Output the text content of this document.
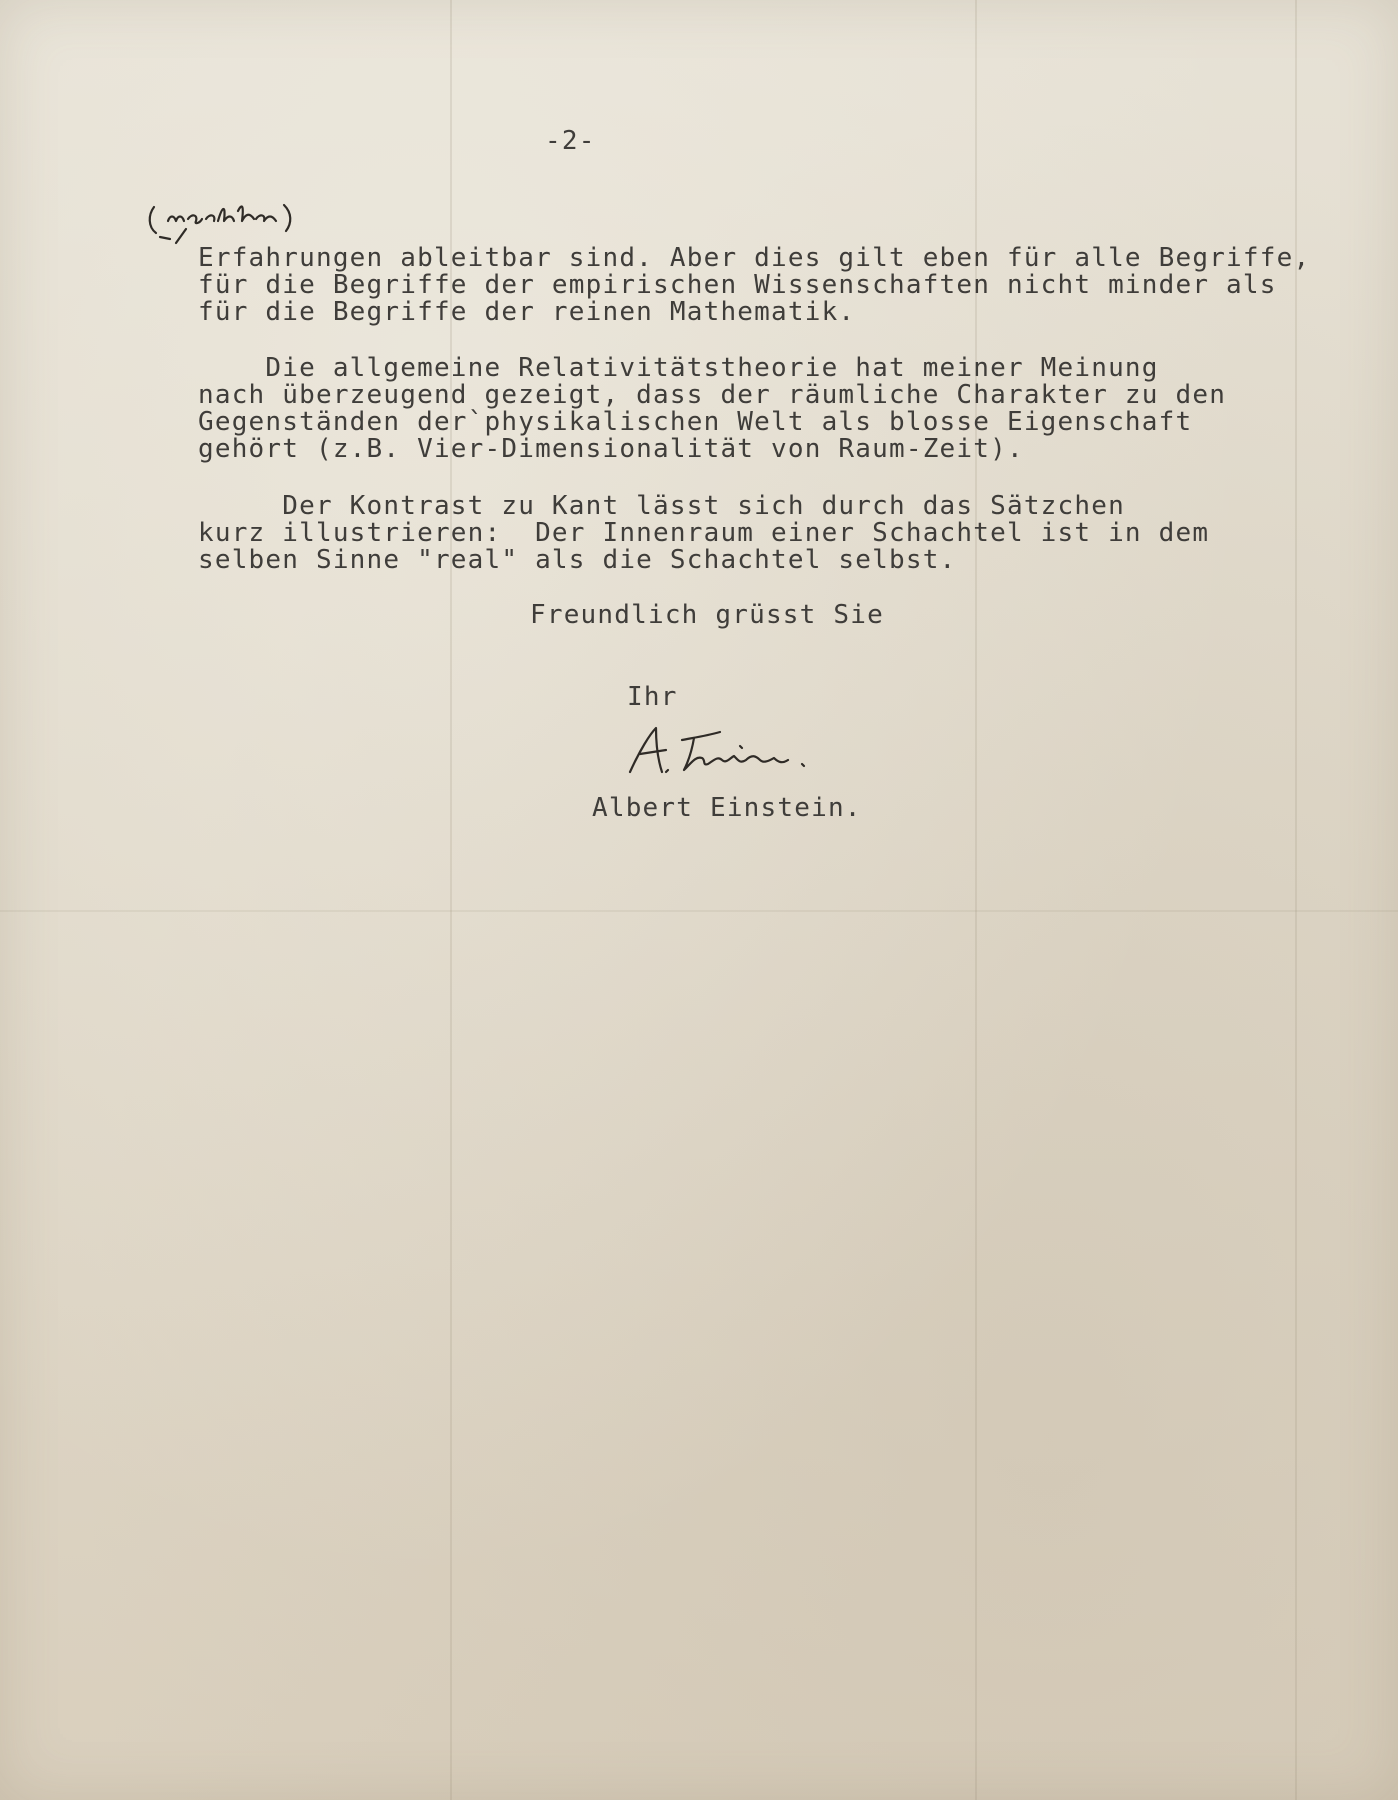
-2-

Erfahrungen ableitbar sind. Aber dies gilt eben für alle Begriffe,
für die Begriffe der empirischen Wissenschaften nicht minder als
für die Begriffe der reinen Mathematik.

Die allgemeine Relativitätstheorie hat meiner Meinung
nach überzeugend gezeigt, dass der räumliche Charakter zu den
Gegenständen der`physikalischen Welt als blosse Eigenschaft
gehört (z.B. Vier-Dimensionalität von Raum-Zeit).

Der Kontrast zu Kant lässt sich durch das Sätzchen
kurz illustrieren:  Der Innenraum einer Schachtel ist in dem
selben Sinne "real" als die Schachtel selbst.

Freundlich grüsst Sie

Ihr

Albert Einstein.
